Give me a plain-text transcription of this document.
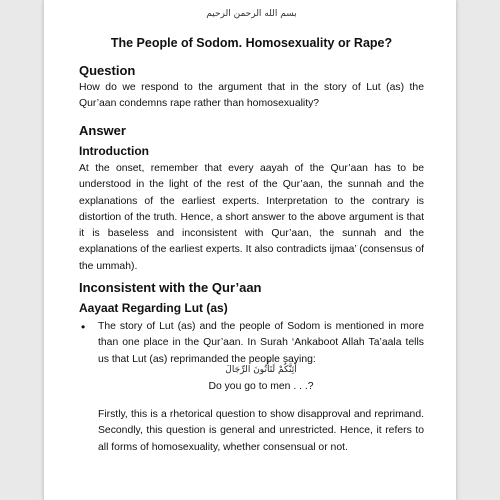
بسم الله الرحمن الرحيم
The People of Sodom. Homosexuality or Rape?
Question

How do we respond to the argument that in the story of Lut (as) the Qur’aan condemns rape rather than homosexuality?

Answer
Introduction

At the onset, remember that every aayah of the Qur’aan has to be understood in the light of the rest of the Qur’aan, the sunnah and the explanations of the earliest experts. Interpretation to the contrary is distortion of the truth. Hence, a short answer to the above argument is that it is baseless and inconsistent with Qur’aan, the sunnah and the explanations of the earliest experts. It also contradicts ijmaa’ (consensus of the ummah).

Inconsistent with the Qur’aan
Aayaat Regarding Lut (as)
• The story of Lut (as) and the people of Sodom is mentioned in more than one place in the Qur’aan. In Surah ‘Ankaboot Allah Ta’aala tells us that Lut (as) reprimanded the people saying:

أَئِنَّكُمْ لَتَأْتُونَ الرِّجَالَ
Do you go to men . . .?

Firstly, this is a rhetorical question to show disapproval and reprimand. Secondly, this question is general and unrestricted. Hence, it refers to all forms of homosexuality, whether consensual or not.
